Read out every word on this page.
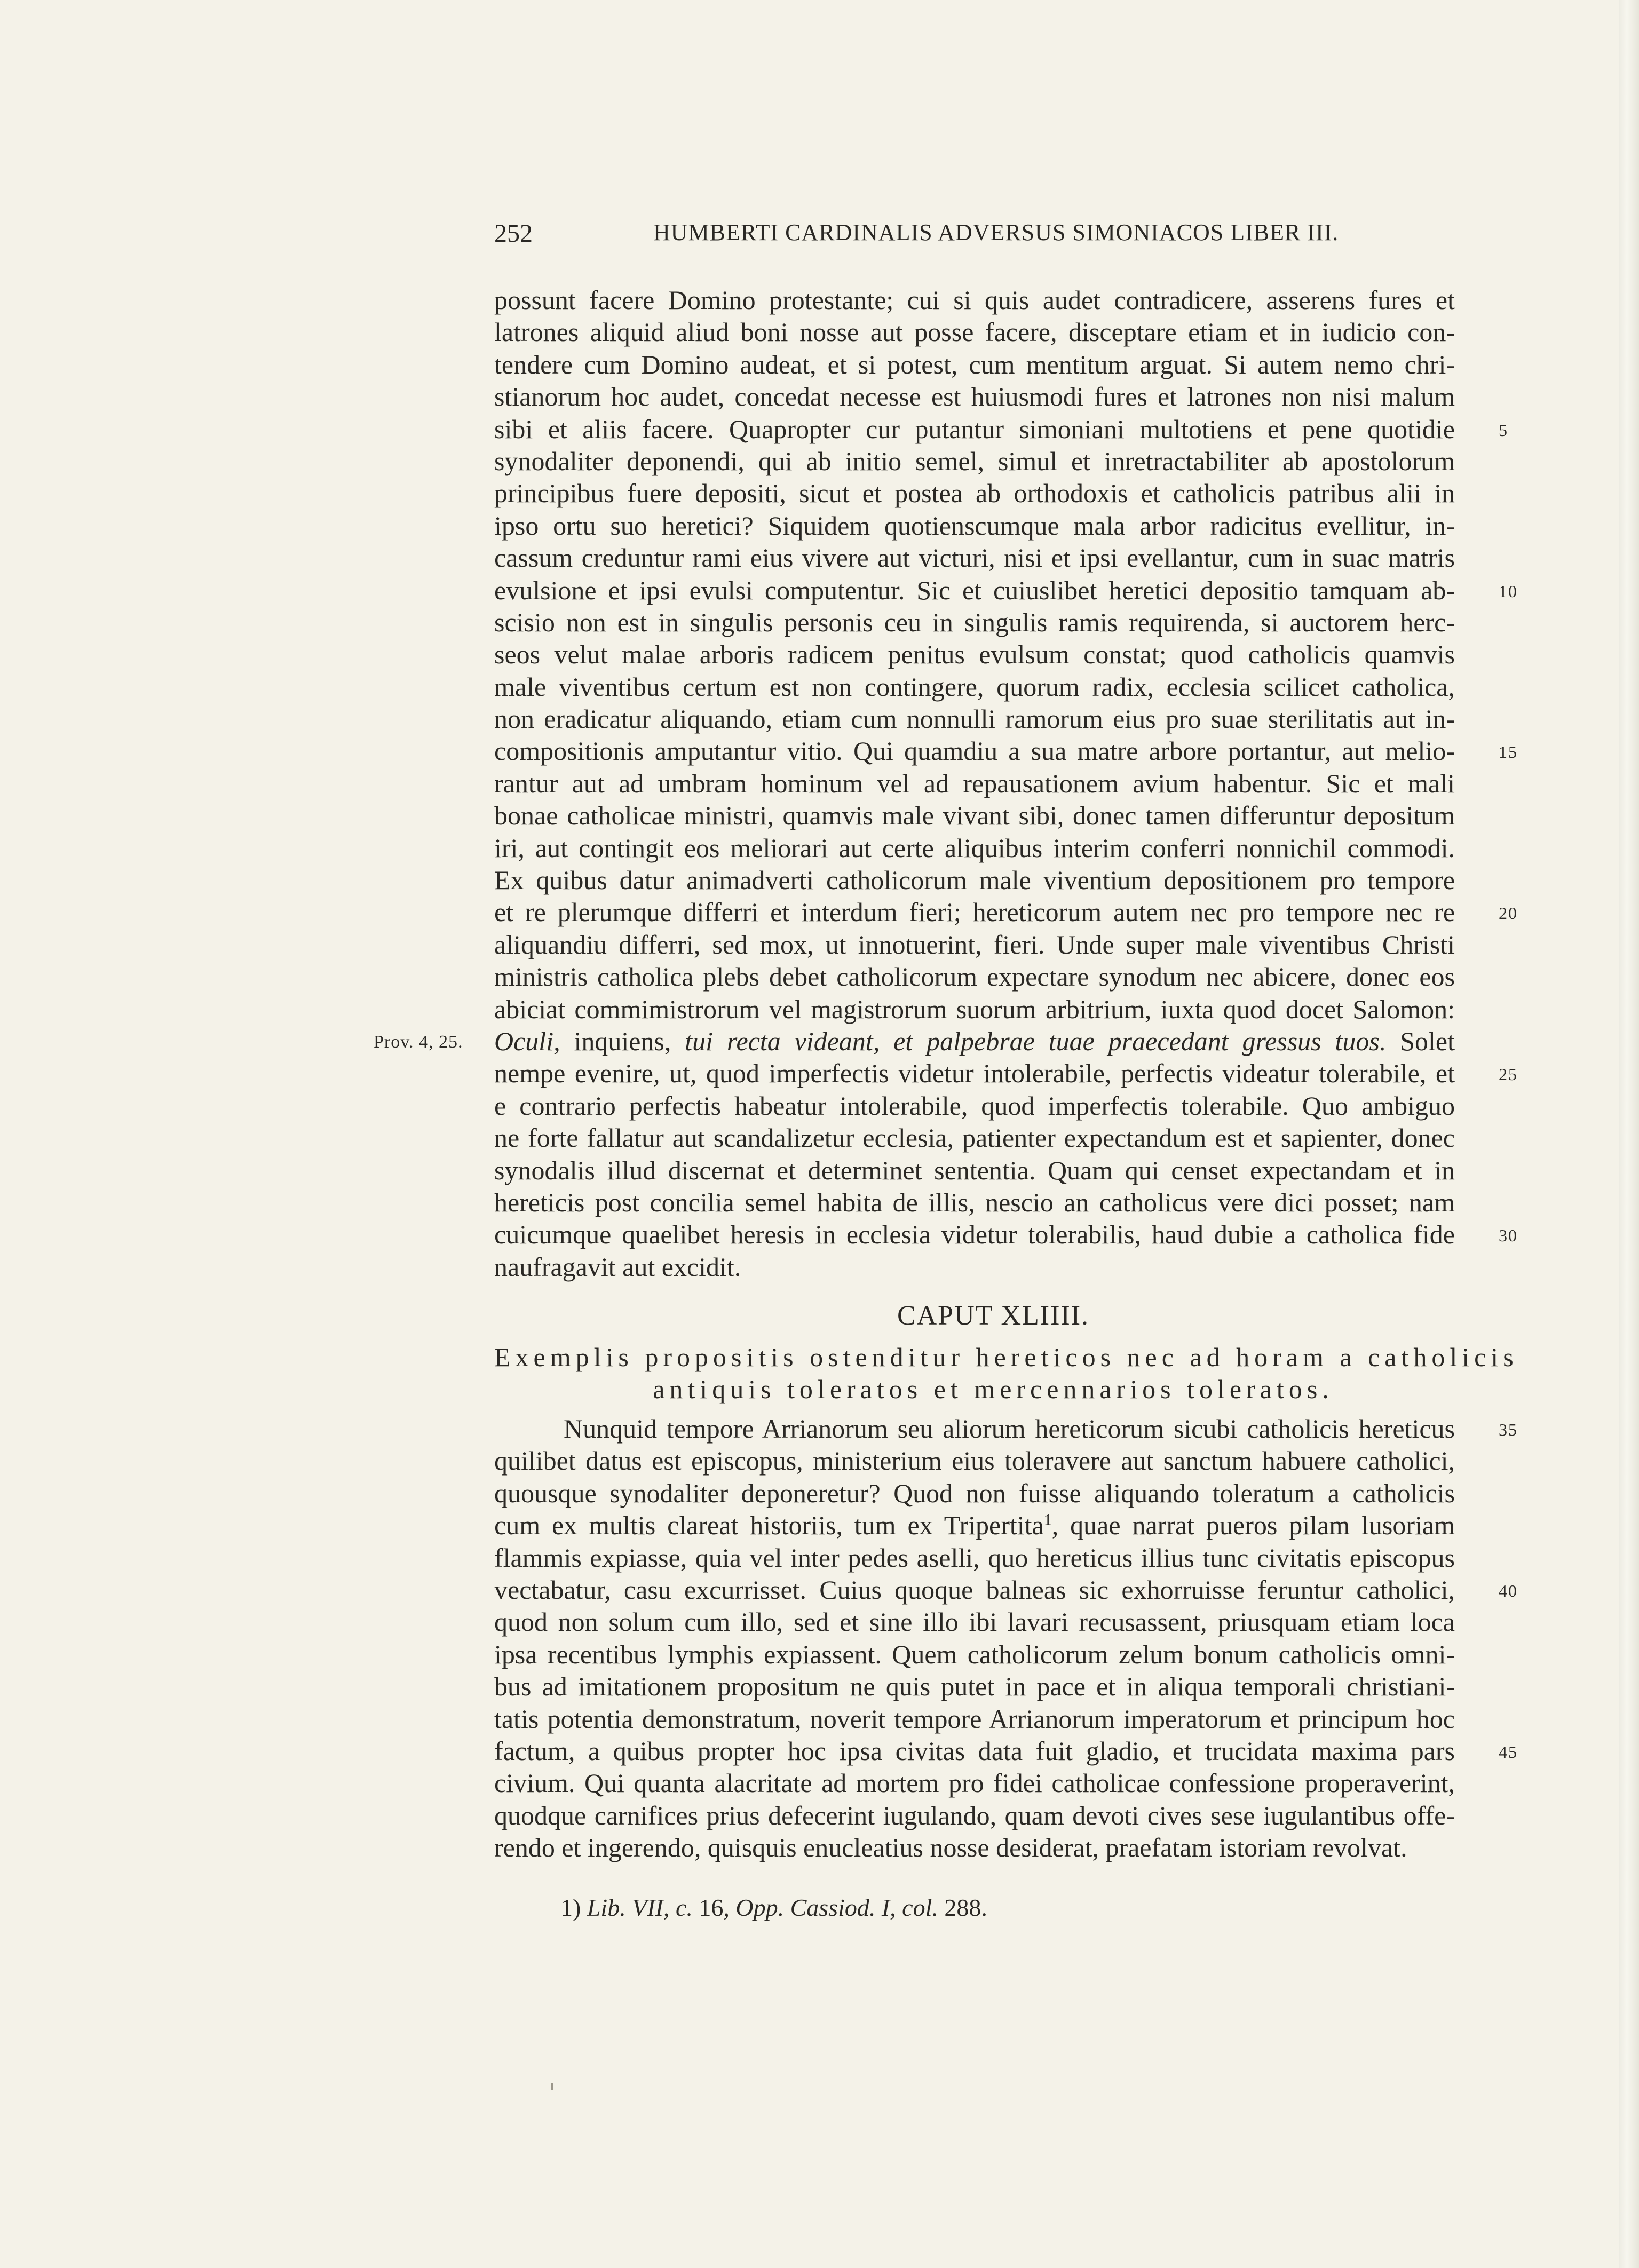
252	HUMBERTI CARDINALIS ADVERSUS SIMONIACOS LIBER III.
possunt facere Domino protestante; cui si quis audet contradicere, asserens fures et
latrones aliquid aliud boni nosse aut posse facere, disceptare etiam et in iudicio con-
tendere cum Domino audeat, et si potest, cum mentitum arguat. Si autem nemo chri-
stianorum hoc audet, concedat necesse est huiusmodi fures et latrones non nisi malum
sibi et aliis facere. Quapropter cur putantur simoniani multotiens et pene quotidie	5
synodaliter deponendi, qui ab initio semel, simul et inretractabiliter ab apostolorum
principibus fuere depositi, sicut et postea ab orthodoxis et catholicis patribus alii in
ipso ortu suo heretici? Siquidem quotienscumque mala arbor radicitus evellitur, in-
cassum creduntur rami eius vivere aut victuri, nisi et ipsi evellantur, cum in suac matris
evulsione et ipsi evulsi computentur. Sic et cuiuslibet heretici depositio tamquam ab-	10
scisio non est in singulis personis ceu in singulis ramis requirenda, si auctorem herc-
seos velut malae arboris radicem penitus evulsum constat; quod catholicis quamvis
male viventibus certum est non contingere, quorum radix, ecclesia scilicet catholica,
non eradicatur aliquando, etiam cum nonnulli ramorum eius pro suae sterilitatis aut in-
compositionis amputantur vitio. Qui quamdiu a sua matre arbore portantur, aut melio-	15
rantur aut ad umbram hominum vel ad repausationem avium habentur. Sic et mali
bonae catholicae ministri, quamvis male vivant sibi, donec tamen differuntur depositum
iri, aut contingit eos meliorari aut certe aliquibus interim conferri nonnichil commodi.
Ex quibus datur animadverti catholicorum male viventium depositionem pro tempore
et re plerumque differri et interdum fieri; hereticorum autem nec pro tempore nec re	20
aliquandiu differri, sed mox, ut innotuerint, fieri. Unde super male viventibus Christi
ministris catholica plebs debet catholicorum expectare synodum nec abicere, donec eos
abiciat commimistrorum vel magistrorum suorum arbitrium, iuxta quod docet Salomon:
Oculi, inquiens, tui recta videant, et palpebrae tuae praecedant gressus tuos. Solet
Prov. 4, 25.
nempe evenire, ut, quod imperfectis videtur intolerabile, perfectis videatur tolerabile, et	25
e contrario perfectis habeatur intolerabile, quod imperfectis tolerabile. Quo ambiguo
ne forte fallatur aut scandalizetur ecclesia, patienter expectandum est et sapienter, donec
synodalis illud discernat et determinet sententia. Quam qui censet expectandam et in
hereticis post concilia semel habita de illis, nescio an catholicus vere dici posset; nam
cuicumque quaelibet heresis in ecclesia videtur tolerabilis, haud dubie a catholica fide	30
naufragavit aut excidit.
CAPUT XLIIII.
Exemplis propositis ostenditur hereticos nec ad horam a catholicis
antiquis toleratos et mercennarios toleratos.
Nunquid tempore Arrianorum seu aliorum hereticorum sicubi catholicis hereticus	35
quilibet datus est episcopus, ministerium eius toleravere aut sanctum habuere catholici,
quousque synodaliter deponeretur? Quod non fuisse aliquando toleratum a catholicis
cum ex multis clareat historiis, tum ex Tripertita$^1$, quae narrat pueros pilam lusoriam
flammis expiasse, quia vel inter pedes aselli, quo hereticus illius tunc civitatis episcopus
vectabatur, casu excurrisset. Cuius quoque balneas sic exhorruisse feruntur catholici,	40
quod non solum cum illo, sed et sine illo ibi lavari recusassent, priusquam etiam loca
ipsa recentibus lymphis expiassent. Quem catholicorum zelum bonum catholicis omni-
bus ad imitationem propositum ne quis putet in pace et in aliqua temporali christiani-
tatis potentia demonstratum, noverit tempore Arrianorum imperatorum et principum hoc
factum, a quibus propter hoc ipsa civitas data fuit gladio, et trucidata maxima pars	45
civium. Qui quanta alacritate ad mortem pro fidei catholicae confessione properaverint,
quodque carnifices prius defecerint iugulando, quam devoti cives sese iugulantibus offe-
rendo et ingerendo, quisquis enucleatius nosse desiderat, praefatam istoriam revolvat.
1) Lib. VII, c. 16, Opp. Cassiod. I, col. 288.
